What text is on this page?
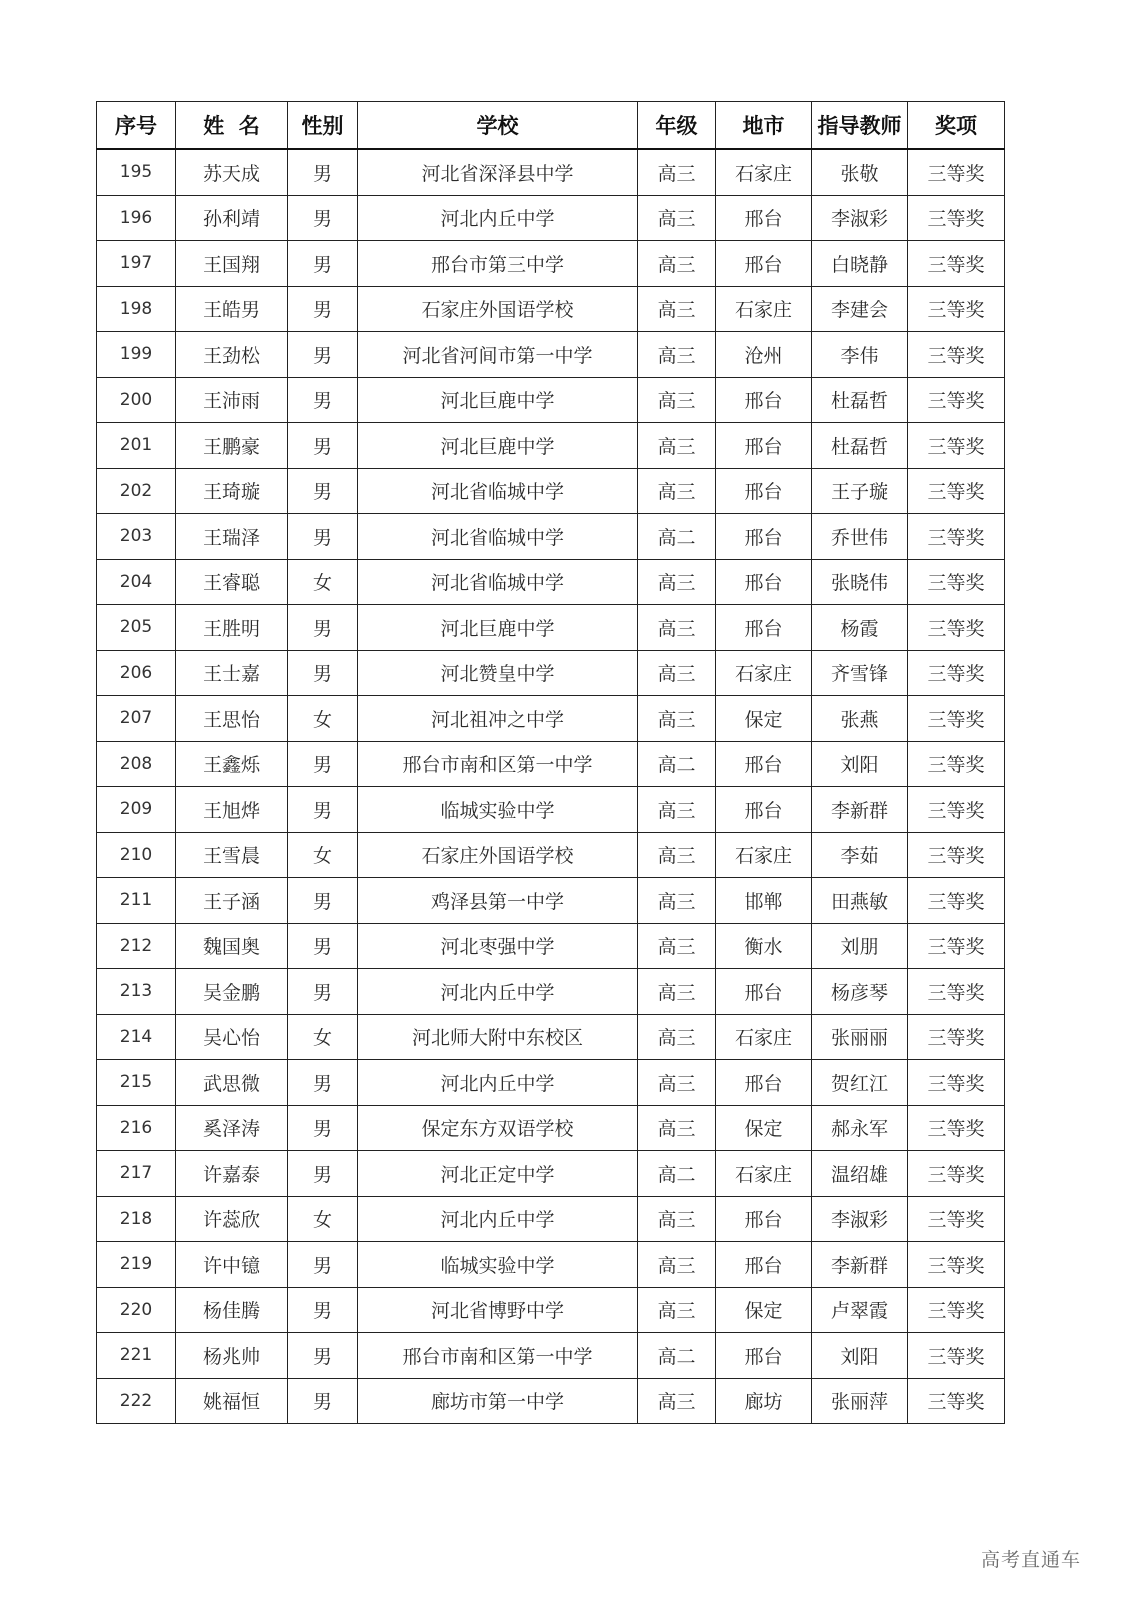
序号	姓  名	性别	学校	年级	地市	指导教师	奖项
195	苏天成	男	河北省深泽县中学	高三	石家庄	张敬	三等奖
196	孙利靖	男	河北内丘中学	高三	邢台	李淑彩	三等奖
197	王国翔	男	邢台市第三中学	高三	邢台	白晓静	三等奖
198	王皓男	男	石家庄外国语学校	高三	石家庄	李建会	三等奖
199	王劲松	男	河北省河间市第一中学	高三	沧州	李伟	三等奖
200	王沛雨	男	河北巨鹿中学	高三	邢台	杜磊哲	三等奖
201	王鹏豪	男	河北巨鹿中学	高三	邢台	杜磊哲	三等奖
202	王琦璇	男	河北省临城中学	高三	邢台	王子璇	三等奖
203	王瑞泽	男	河北省临城中学	高二	邢台	乔世伟	三等奖
204	王睿聪	女	河北省临城中学	高三	邢台	张晓伟	三等奖
205	王胜明	男	河北巨鹿中学	高三	邢台	杨霞	三等奖
206	王士嘉	男	河北赞皇中学	高三	石家庄	齐雪锋	三等奖
207	王思怡	女	河北祖冲之中学	高三	保定	张燕	三等奖
208	王鑫烁	男	邢台市南和区第一中学	高二	邢台	刘阳	三等奖
209	王旭烨	男	临城实验中学	高三	邢台	李新群	三等奖
210	王雪晨	女	石家庄外国语学校	高三	石家庄	李茹	三等奖
211	王子涵	男	鸡泽县第一中学	高三	邯郸	田燕敏	三等奖
212	魏国奥	男	河北枣强中学	高三	衡水	刘朋	三等奖
213	吴金鹏	男	河北内丘中学	高三	邢台	杨彦琴	三等奖
214	吴心怡	女	河北师大附中东校区	高三	石家庄	张丽丽	三等奖
215	武思微	男	河北内丘中学	高三	邢台	贺红江	三等奖
216	奚泽涛	男	保定东方双语学校	高三	保定	郝永军	三等奖
217	许嘉泰	男	河北正定中学	高二	石家庄	温绍雄	三等奖
218	许蕊欣	女	河北内丘中学	高三	邢台	李淑彩	三等奖
219	许中镱	男	临城实验中学	高三	邢台	李新群	三等奖
220	杨佳腾	男	河北省博野中学	高三	保定	卢翠霞	三等奖
221	杨兆帅	男	邢台市南和区第一中学	高二	邢台	刘阳	三等奖
222	姚福恒	男	廊坊市第一中学	高三	廊坊	张丽萍	三等奖
高考直通车
